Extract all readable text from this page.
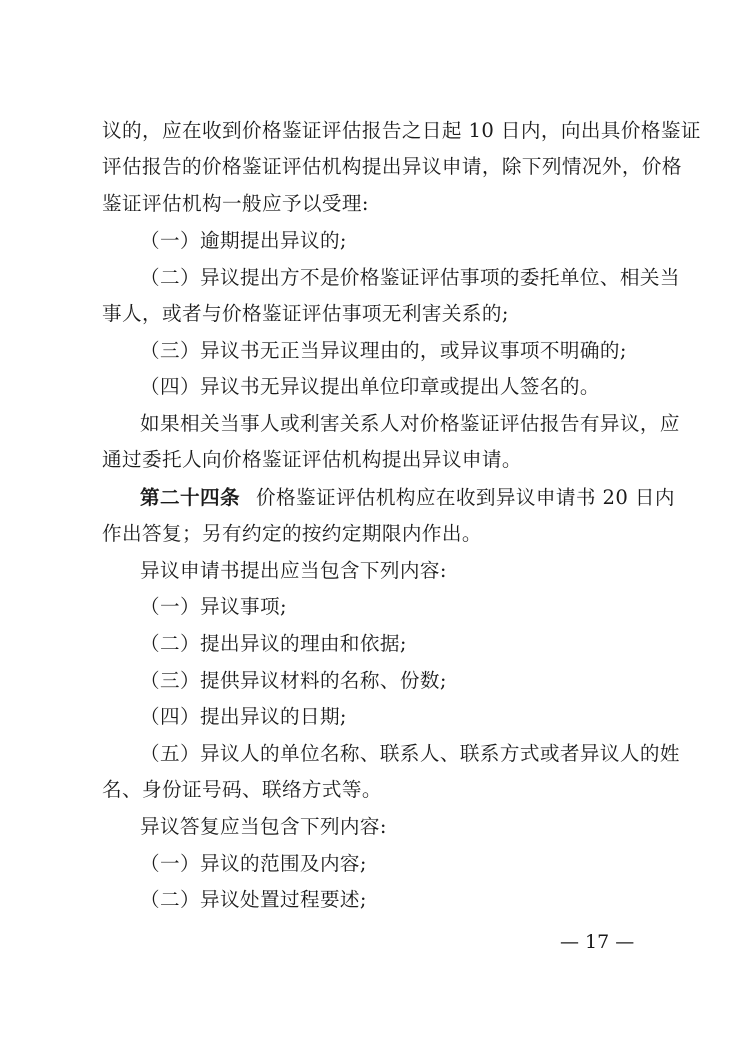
议的，应在收到价格鉴证评估报告之日起 10 日内，向出具价格鉴证
评估报告的价格鉴证评估机构提出异议申请，除下列情况外，价格
鉴证评估机构一般应予以受理:
（一）逾期提出异议的;
（二）异议提出方不是价格鉴证评估事项的委托单位、相关当
事人，或者与价格鉴证评估事项无利害关系的;
（三）异议书无正当异议理由的，或异议事项不明确的;
（四）异议书无异议提出单位印章或提出人签名的。
如果相关当事人或利害关系人对价格鉴证评估报告有异议，应
通过委托人向价格鉴证评估机构提出异议申请。
第二十四条 价格鉴证评估机构应在收到异议申请书 20 日内
作出答复；另有约定的按约定期限内作出。
异议申请书提出应当包含下列内容:
（一）异议事项;
（二）提出异议的理由和依据;
（三）提供异议材料的名称、份数;
（四）提出异议的日期;
（五）异议人的单位名称、联系人、联系方式或者异议人的姓
名、身份证号码、联络方式等。
异议答复应当包含下列内容:
（一）异议的范围及内容;
（二）异议处置过程要述;
— 17 —
